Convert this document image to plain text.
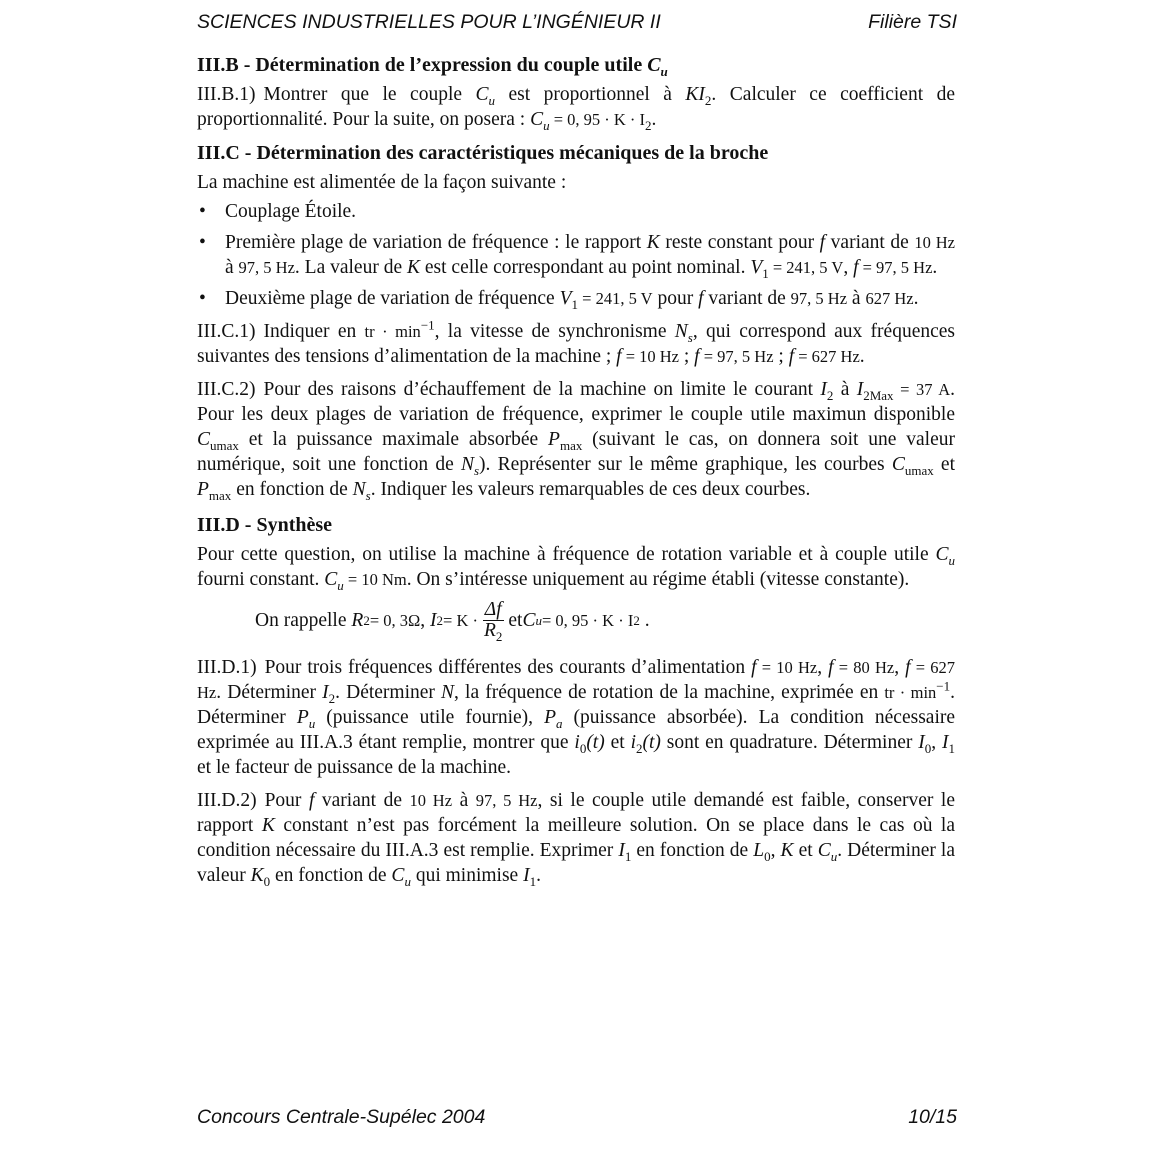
SCIENCES INDUSTRIELLES POUR L’INGÉNIEUR II	Filière TSI
III.B - Détermination de l’expression du couple utile $C_u$

III.B.1) Montrer que le couple $C_u$ est proportionnel à $KI_2$. Calculer ce coefficient de proportionnalité. Pour la suite, on posera : $C_u = 0$, $95 \cdot K \cdot I_2$.

III.C - Détermination des caractéristiques mécaniques de la broche

La machine est alimentée de la façon suivante :

• Couplage Étoile.
• Première plage de variation de fréquence : le rapport K reste constant pour f variant de 10 Hz à 97, 5 Hz. La valeur de K est celle correspondant au point nominal. $V_1 = 241$, 5 V, f = 97, 5 Hz.
• Deuxième plage de variation de fréquence $V_1 = 241$, 5 V pour f variant de 97, 5 Hz à 627 Hz.

III.C.1) Indiquer en tr · $\min^{-1}$, la vitesse de synchronisme $N_s$, qui correspond aux fréquences suivantes des tensions d’alimentation de la machine ; f = 10 Hz ; f = 97, 5 Hz ; f = 627 Hz.

III.C.2) Pour des raisons d’échauffement de la machine on limite le courant $I_2$ à $I_{2Max} = 37$ A. Pour les deux plages de variation de fréquence, exprimer le couple utile maximun disponible $C_{umax}$ et la puissance maximale absorbée $P_{max}$ (suivant le cas, on donnera soit une valeur numérique, soit une fonction de $N_s$). Représenter sur le même graphique, les courbes $C_{umax}$ et $P_{max}$ en fonction de $N_s$. Indiquer les valeurs remarquables de ces deux courbes.

III.D - Synthèse

Pour cette question, on utilise la machine à fréquence de rotation variable et à couple utile $C_u$ fourni constant. $C_u = 10$ Nm. On s’intéresse uniquement au régime établi (vitesse constante).

On rappelle
R 2 = 0, 3Ω , I $2 = K \cdot \frac{\Delta f}{R_2}$ et C u = 0, 95 · K · I 2 .

III.D.1) Pour trois fréquences différentes des courants d’alimentation f = 10 Hz, f = 80 Hz, f = 627 Hz. Déterminer $I_2$. Déterminer N, la fréquence de rotation de la machine, exprimée en tr · $\min^{-1}$. Déterminer $P_u$ (puissance utile fournie), $P_a$ (puissance absorbée). La condition nécessaire exprimée au III.A.3 étant remplie, montrer que $i_0(t)$ et $i_2(t)$ sont en quadrature. Déterminer $I_0$, $I_1$ et le facteur de puissance de la machine.

III.D.2) Pour f variant de 10 Hz à 97, 5 Hz, si le couple utile demandé est faible, conserver le rapport K constant n’est pas forcément la meilleure solution. On se place dans le cas où la condition nécessaire du III.A.3 est remplie. Exprimer $I_1$ en fonction de $L_0$, K et $C_u$. Déterminer la valeur $K_0$ en fonction de $C_u$ qui minimise $I_1$.

Concours Centrale-Supélec 2004	10/15
